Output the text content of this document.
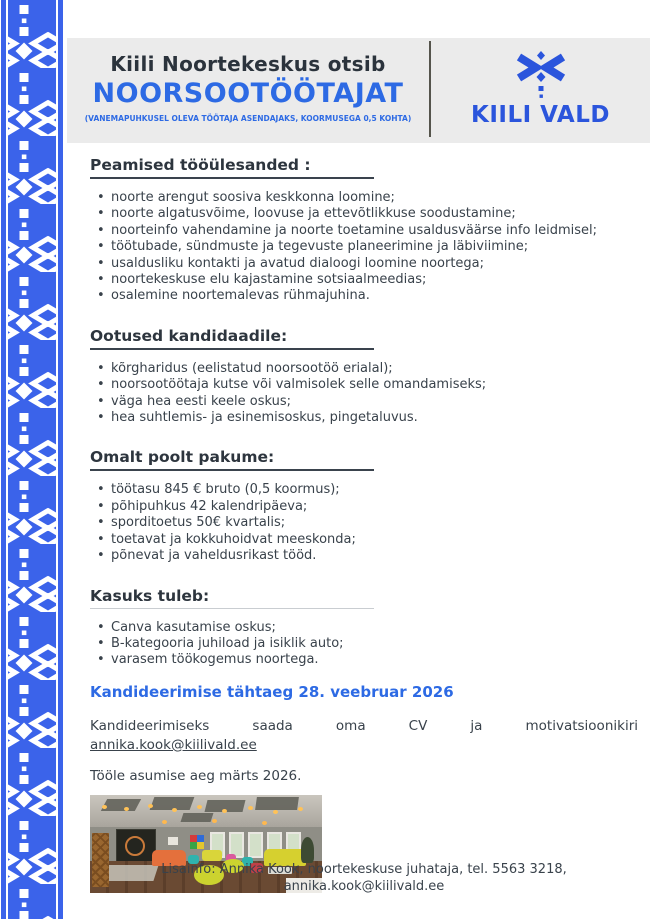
Kiili Noortekeskus otsib
NOORSOOTÖÖTAJAT
(VANEMAPUHKUSEL OLEVA TÖÖTAJA ASENDAJAKS, KOORMUSEGA 0,5 KOHTA)	KIILI VALD
Peamised tööülesanded :
• noorte arengut soosiva keskkonna loomine;
• noorte algatusvõime, loovuse ja ettevõtlikkuse soodustamine;
• noorteinfo vahendamine ja noorte toetamine usaldusväärse info leidmisel;
• töötubade, sündmuste ja tegevuste planeerimine ja läbiviimine;
• usaldusliku kontakti ja avatud dialoogi loomine noortega;
• noortekeskuse elu kajastamine sotsiaalmeedias;
• osalemine noortemalevas rühmajuhina.
Ootused kandidaadile:
• kõrgharidus (eelistatud noorsootöö erialal);
• noorsootöötaja kutse või valmisolek selle omandamiseks;
• väga hea eesti keele oskus;
• hea suhtlemis- ja esinemisoskus, pingetaluvus.
Omalt poolt pakume:
• töötasu 845 € bruto (0,5 koormus);
• põhipuhkus 42 kalendripäeva;
• sporditoetus 50€ kvartalis;
• toetavat ja kokkuhoidvat meeskonda;
• põnevat ja vaheldusrikast tööd.
Kasuks tuleb:
• Canva kasutamise oskus;
• B-kategooria juhiload ja isiklik auto;
• varasem töökogemus noortega.

Kandideerimise tähtaeg 28. veebruar 2026

Kandideerimiseks saada oma CV ja motivatsioonikiri

annika.kook@kiilivald.ee

Tööle asumise aeg märts 2026.

Lisainfo: Annika Kook, noortekeskuse juhataja, tel. 5563 3218,
annika.kook@kiilivald.ee
